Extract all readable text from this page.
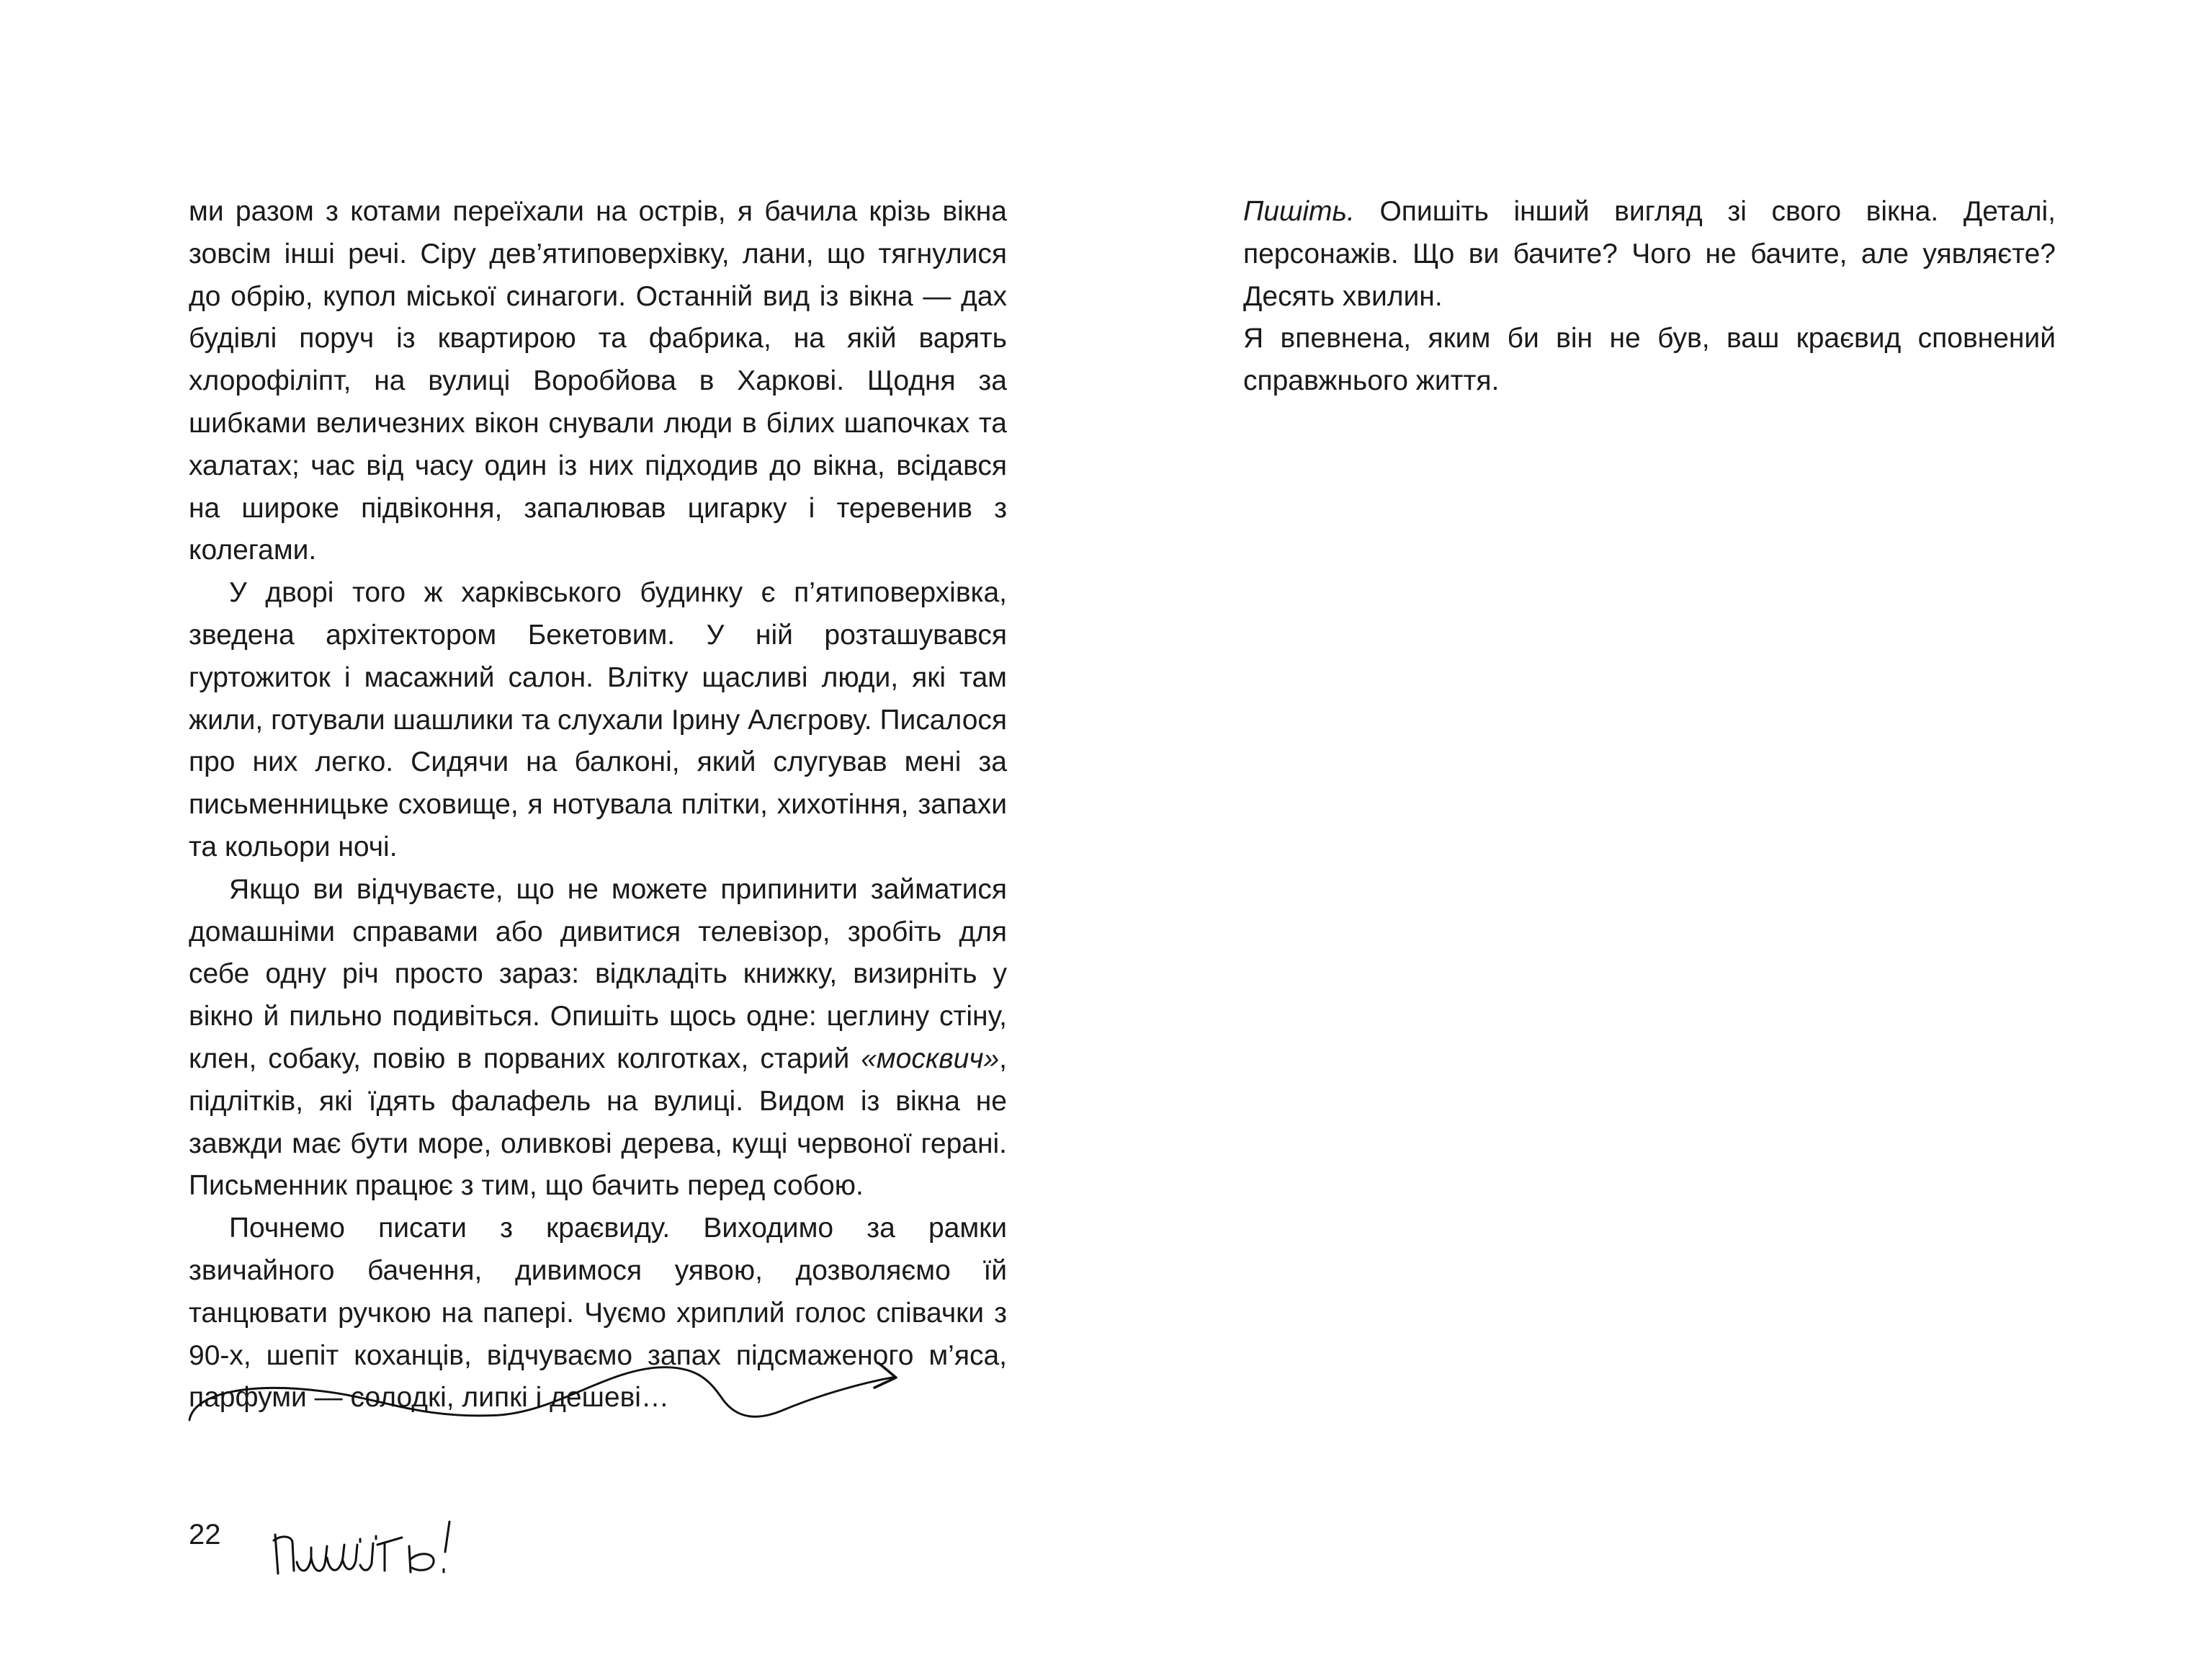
ми разом з котами переїхали на острів, я бачила крізь вікна зовсім інші речі. Сіру дев’ятиповерхівку, лани, що тягнулися до обрію, купол міської синагоги. Останній вид із вікна — дах будівлі поруч із квартирою та фабрика, на якій варять хлорофіліпт, на вулиці Воробйова в Харкові. Щодня за шибками величезних вікон снували люди в білих шапочках та халатах; час від часу один із них підходив до вікна, всідався на широке підвіконня, запалював цигарку і теревенив з колегами.

У дворі того ж харківського будинку є п’ятиповерхівка, зведена архітектором Бекетовим. У ній розташувався гуртожиток і масажний салон. Влітку щасливі люди, які там жили, готували шашлики та слухали Ірину Алєгрову. Писалося про них легко. Сидячи на балконі, який слугував мені за письменницьке сховище, я нотувала плітки, хихотіння, запахи та кольори ночі.

Якщо ви відчуваєте, що не можете припинити займатися домашніми справами або дивитися телевізор, зробіть для себе одну річ просто зараз: відкладіть книжку, визирніть у вікно й пильно подивіться. Опишіть щось одне: цеглину стіну, клен, собаку, повію в порваних колготках, старий «москвич», підлітків, які їдять фалафель на вулиці. Видом із вікна не завжди має бути море, оливкові дерева, кущі червоної герані. Письменник працює з тим, що бачить перед собою.

Почнемо писати з краєвиду. Виходимо за рамки звичайного бачення, дивимося уявою, дозволяємо їй танцювати ручкою на папері. Чуємо хриплий голос співачки з 90-х, шепіт коханців, відчуваємо запах підсмаженого м’яса, парфуми — солодкі, липкі і дешеві…

22

Пишіть. Опишіть інший вигляд зі свого вікна. Деталі, персонажів. Що ви бачите? Чого не бачите, але уявляєте? Десять хвилин.

Я впевнена, яким би він не був, ваш краєвид сповнений справжнього життя.
